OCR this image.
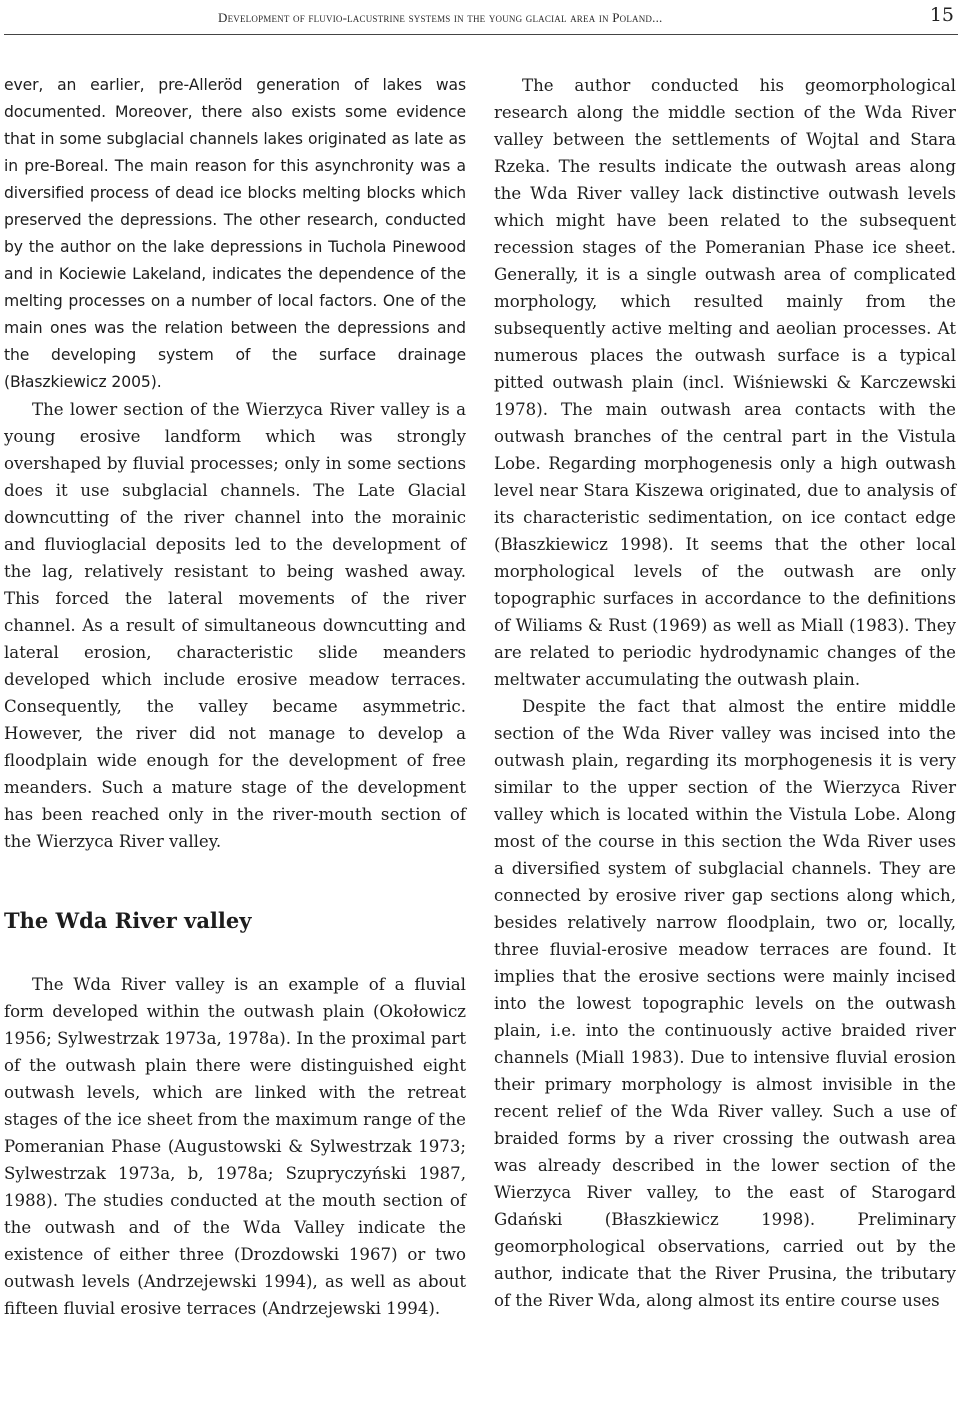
Development of fluvio-lacustrine systems in the young glacial area in Poland...	15

ever, an earlier, pre-Alleröd generation of lakes was documented. Moreover, there also exists some evidence that in some subglacial channels lakes originated as late as in pre-Boreal. The main reason for this asynchronity was a diversified process of dead ice blocks melting blocks which preserved the depressions. The other research, conducted by the author on the lake depressions in Tuchola Pinewood and in Kociewie Lakeland, indicates the dependence of the melting processes on a number of local factors. One of the main ones was the relation between the depressions and the developing system of the surface drainage (Błaszkiewicz 2005).

The lower section of the Wierzyca River valley is a young erosive landform which was strongly overshaped by fluvial processes; only in some sections does it use subglacial channels. The Late Glacial downcutting of the river channel into the morainic and fluvioglacial deposits led to the development of the lag, relatively resistant to being washed away. This forced the lateral movements of the river channel. As a result of simultaneous downcutting and lateral erosion, characteristic slide meanders developed which include erosive meadow terraces. Consequently, the valley became asymmetric. However, the river did not manage to develop a floodplain wide enough for the development of free meanders. Such a mature stage of the development has been reached only in the river-mouth section of the Wierzyca River valley.

The Wda River valley

The Wda River valley is an example of a fluvial form developed within the outwash plain (Okołowicz 1956; Sylwestrzak 1973a, 1978a). In the proximal part of the outwash plain there were distinguished eight outwash levels, which are linked with the retreat stages of the ice sheet from the maximum range of the Pomeranian Phase (Augustowski & Sylwestrzak 1973; Sylwestrzak 1973a, b, 1978a; Szupryczyński 1987, 1988). The studies conducted at the mouth section of the outwash and of the Wda Valley indicate the existence of either three (Drozdowski 1967) or two outwash levels (Andrzejewski 1994), as well as about fifteen fluvial erosive terraces (Andrzejewski 1994).

The author conducted his geomorphological research along the middle section of the Wda River valley between the settlements of Wojtal and Stara Rzeka. The results indicate the outwash areas along the Wda River valley lack distinctive outwash levels which might have been related to the subsequent recession stages of the Pomeranian Phase ice sheet. Generally, it is a single outwash area of complicated morphology, which resulted mainly from the subsequently active melting and aeolian processes. At numerous places the outwash surface is a typical pitted outwash plain (incl. Wiśniewski & Karczewski 1978). The main outwash area contacts with the outwash branches of the central part in the Vistula Lobe. Regarding morphogenesis only a high outwash level near Stara Kiszewa originated, due to analysis of its characteristic sedimentation, on ice contact edge (Błaszkiewicz 1998). It seems that the other local morphological levels of the outwash are only topographic surfaces in accordance to the definitions of Wiliams & Rust (1969) as well as Miall (1983). They are related to periodic hydrodynamic changes of the meltwater accumulating the outwash plain.

Despite the fact that almost the entire middle section of the Wda River valley was incised into the outwash plain, regarding its morphogenesis it is very similar to the upper section of the Wierzyca River valley which is located within the Vistula Lobe. Along most of the course in this section the Wda River uses a diversified system of subglacial channels. They are connected by erosive river gap sections along which, besides relatively narrow floodplain, two or, locally, three fluvial-erosive meadow terraces are found. It implies that the erosive sections were mainly incised into the lowest topographic levels on the outwash plain, i.e. into the continuously active braided river channels (Miall 1983). Due to intensive fluvial erosion their primary morphology is almost invisible in the recent relief of the Wda River valley. Such a use of braided forms by a river crossing the outwash area was already described in the lower section of the Wierzyca River valley, to the east of Starogard Gdański (Błaszkiewicz 1998). Preliminary geomorphological observations, carried out by the author, indicate that the River Prusina, the tributary of the River Wda, along almost its entire course uses
